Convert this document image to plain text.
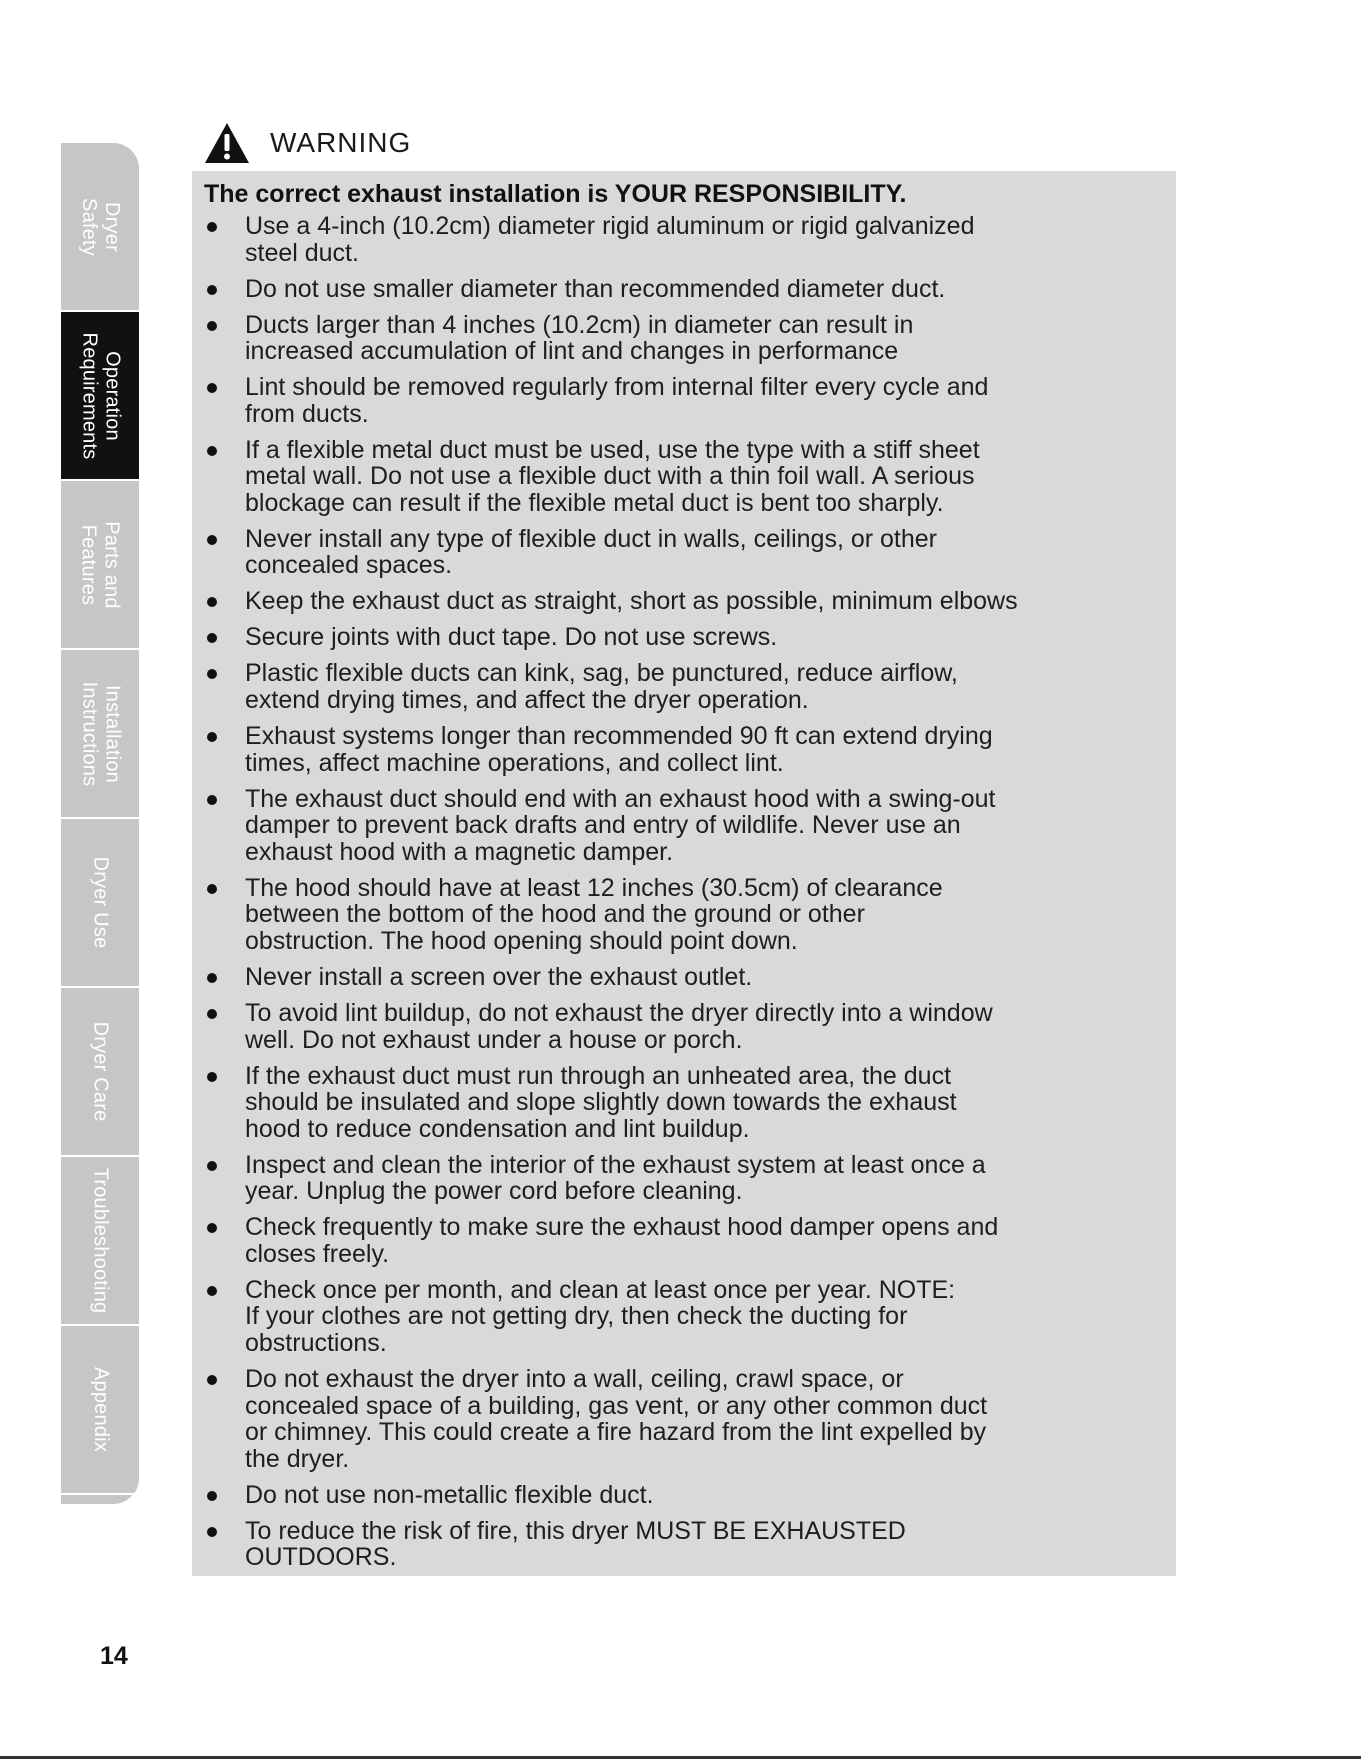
Dryer
Safety
Operation
Requirements
Parts and
Features
Installation
Instructions
Dryer Use
Dryer Care
Troubleshooting
Appendix
WARNING

The correct exhaust installation is YOUR RESPONSIBILITY.

Use a 4-inch (10.2cm) diameter rigid aluminum or rigid galvanized
steel duct.
Do not use smaller diameter than recommended diameter duct.
Ducts larger than 4 inches (10.2cm) in diameter can result in
increased accumulation of lint and changes in performance
Lint should be removed regularly from internal filter every cycle and
from ducts.
If a flexible metal duct must be used, use the type with a stiff sheet
metal wall. Do not use a flexible duct with a thin foil wall. A serious
blockage can result if the flexible metal duct is bent too sharply.
Never install any type of flexible duct in walls, ceilings, or other
concealed spaces.
Keep the exhaust duct as straight, short as possible, minimum elbows
Secure joints with duct tape. Do not use screws.
Plastic flexible ducts can kink, sag, be punctured, reduce airflow,
extend drying times, and affect the dryer operation.
Exhaust systems longer than recommended 90 ft can extend drying
times, affect machine operations, and collect lint.
The exhaust duct should end with an exhaust hood with a swing-out
damper to prevent back drafts and entry of wildlife. Never use an
exhaust hood with a magnetic damper.
The hood should have at least 12 inches (30.5cm) of clearance
between the bottom of the hood and the ground or other
obstruction. The hood opening should point down.
Never install a screen over the exhaust outlet.
To avoid lint buildup, do not exhaust the dryer directly into a window
well. Do not exhaust under a house or porch.
If the exhaust duct must run through an unheated area, the duct
should be insulated and slope slightly down towards the exhaust
hood to reduce condensation and lint buildup.
Inspect and clean the interior of the exhaust system at least once a
year. Unplug the power cord before cleaning.
Check frequently to make sure the exhaust hood damper opens and
closes freely.
Check once per month, and clean at least once per year. NOTE:
If your clothes are not getting dry, then check the ducting for
obstructions.
Do not exhaust the dryer into a wall, ceiling, crawl space, or
concealed space of a building, gas vent, or any other common duct
or chimney. This could create a fire hazard from the lint expelled by
the dryer.
Do not use non-metallic flexible duct.
To reduce the risk of fire, this dryer MUST BE EXHAUSTED
OUTDOORS.
14
